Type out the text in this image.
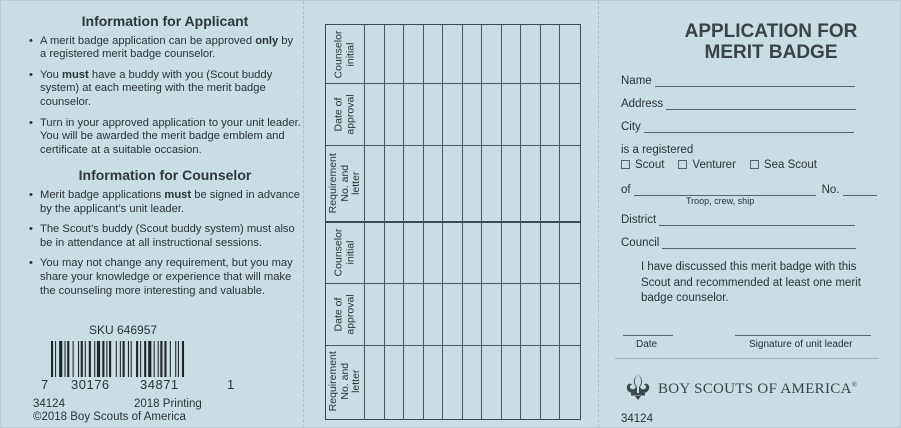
Information for Applicant
• A merit badge application can be approved only by a registered merit badge counselor.
• You must have a buddy with you (Scout buddy system) at each meeting with the merit badge counselor.
• Turn in your approved application to your unit leader. You will be awarded the merit badge emblem and certificate at a suitable occasion.
Information for Counselor
• Merit badge applications must be signed in advance by the applicant’s unit leader.
• The Scout’s buddy (Scout buddy system) must also be in attendance at all instructional sessions.
• You may not change any requirement, but you may share your knowledge or experience that will make the counseling more interesting and valuable.
SKU 646957
7 30176 34871	1
34124	2018 Printing
©2018 Boy Scouts of America
Counselor
initial
Date of
approval
Requirement
No. and letter
Counselor
initial
Date of
approval
Requirement
No. and letter
APPLICATION FOR
MERIT BADGE
Name
Address
City
is a registered
Scout	Venturer	Sea Scout
of	No.
Troop, crew, ship
District
Council
I have discussed this merit badge with this Scout and recommended at least one merit badge counselor.
Date	Signature of unit leader
BOY SCOUTS OF AMERICA®
34124
